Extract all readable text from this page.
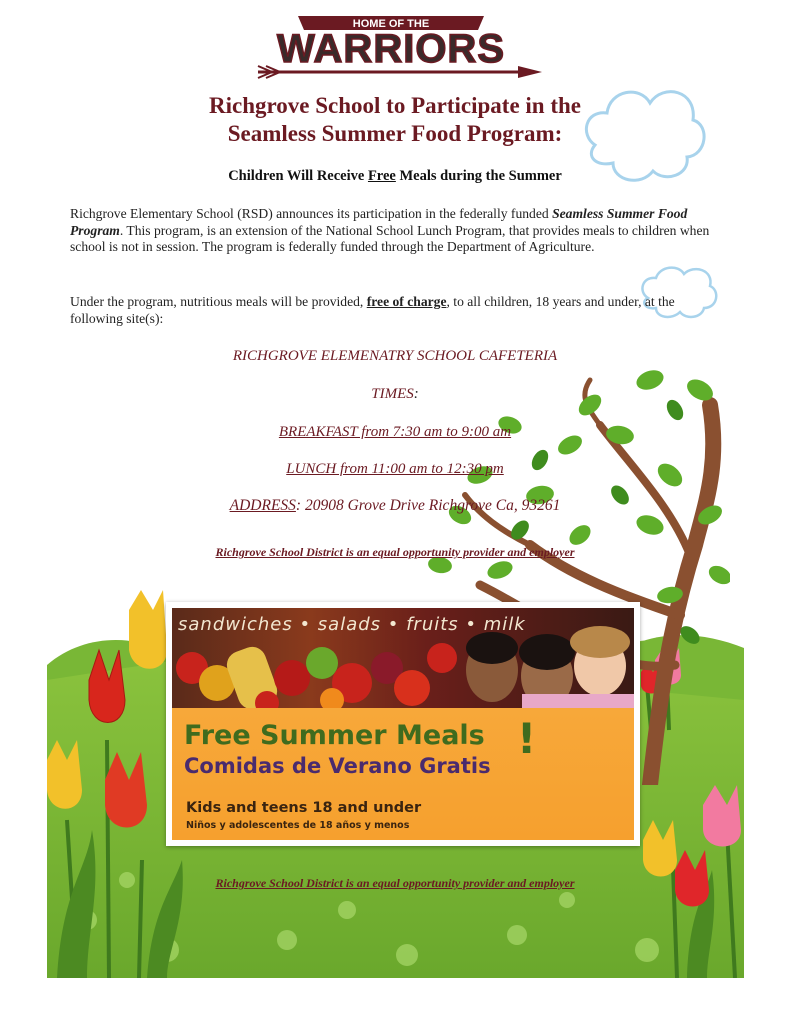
HOME OF THE
WARRIORS
Richgrove School to Participate in the
Seamless Summer Food Program:
Children Will Receive Free Meals during the Summer
Richgrove Elementary School (RSD) announces its participation in the federally funded Seamless Summer Food Program. This program, is an extension of the National School Lunch Program, that provides meals to children when school is not in session. The program is federally funded through the Department of Agriculture.
Under the program, nutritious meals will be provided, free of charge, to all children, 18 years and under, at the following site(s):
RICHGROVE ELEMENATRY SCHOOL CAFETERIA
TIMES:
BREAKFAST from 7:30 am to 9:00 am
LUNCH from 11:00 am to 12:30 pm
ADDRESS: 20908 Grove Drive Richgrove Ca, 93261
Richgrove School District is an equal opportunity provider and employer
sandwiches • salads • fruits • milk
Free Summer Meals !
Comidas de Verano Gratis
Kids and teens 18 and under
Niños y adolescentes de 18 años y menos
Richgrove School District is an equal opportunity provider and employer
